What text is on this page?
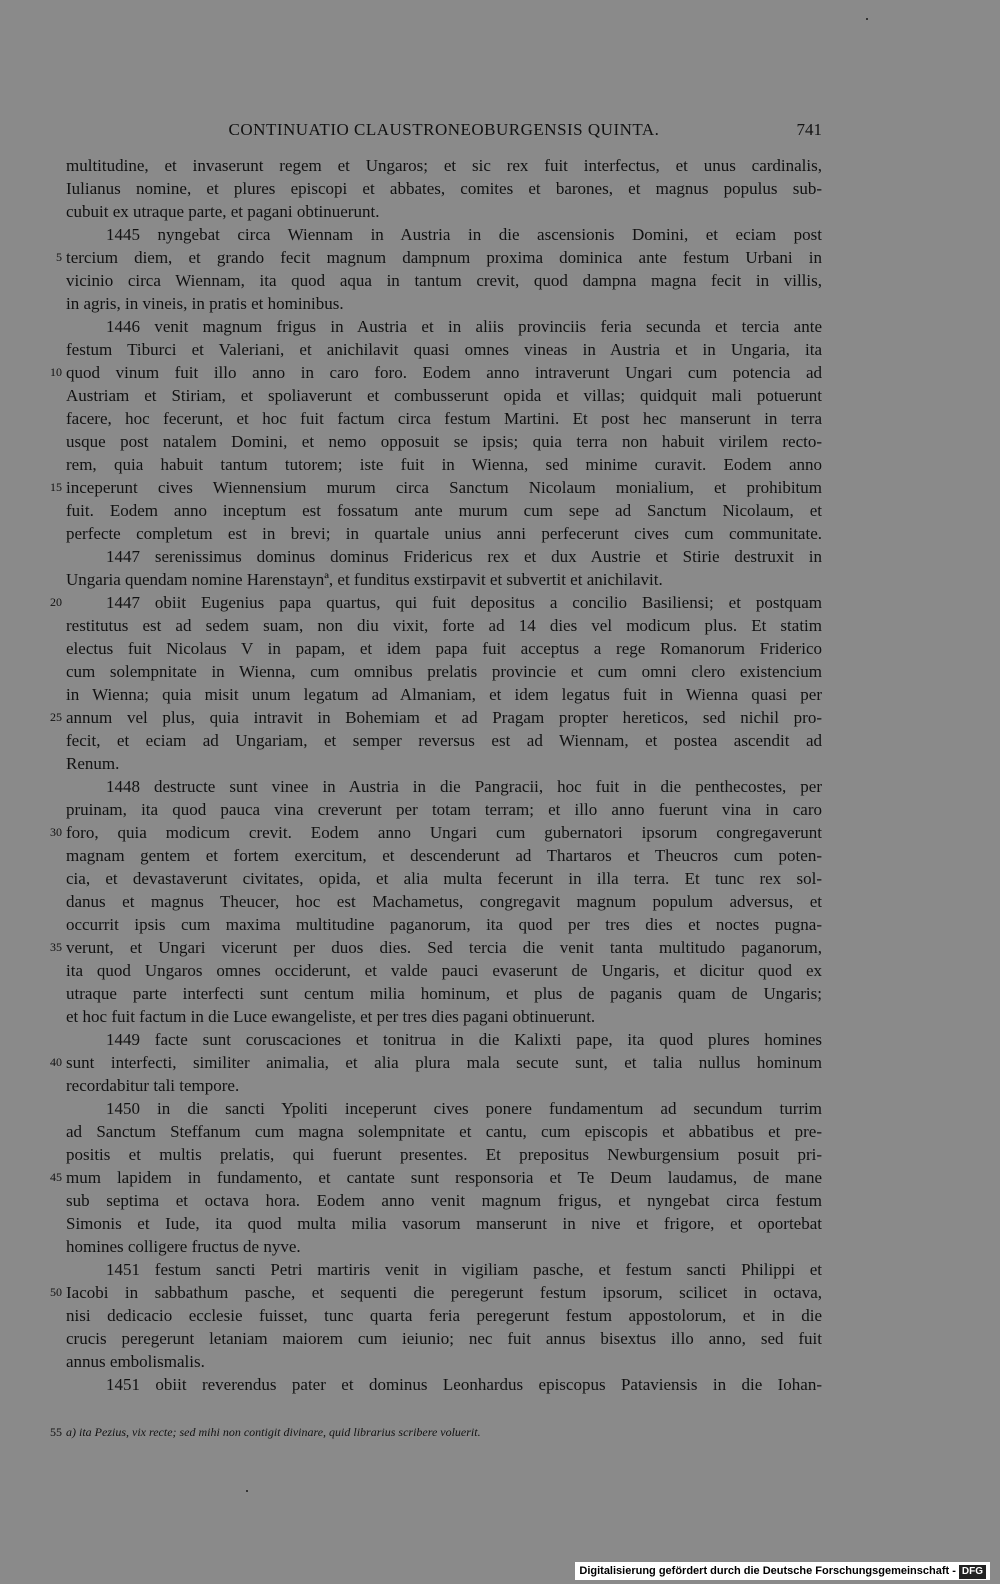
CONTINUATIO CLAUSTRONEOBURGENSIS QUINTA.	741
multitudine, et invaserunt regem et Ungaros; et sic rex fuit interfectus, et unus cardinalis,
Iulianus nomine, et plures episcopi et abbates, comites et barones, et magnus populus sub-
cubuit ex utraque parte, et pagani obtinuerunt.
1445 nyngebat circa Wiennam in Austria in die ascensionis Domini, et eciam post
5 tercium diem, et grando fecit magnum dampnum proxima dominica ante festum Urbani in
vicinio circa Wiennam, ita quod aqua in tantum crevit, quod dampna magna fecit in villis,
in agris, in vineis, in pratis et hominibus.
1446 venit magnum frigus in Austria et in aliis provinciis feria secunda et tercia ante
festum Tiburci et Valeriani, et anichilavit quasi omnes vineas in Austria et in Ungaria, ita
10 quod vinum fuit illo anno in caro foro. Eodem anno intraverunt Ungari cum potencia ad
Austriam et Stiriam, et spoliaverunt et combusserunt opida et villas; quidquit mali potuerunt
facere, hoc fecerunt, et hoc fuit factum circa festum Martini. Et post hec manserunt in terra
usque post natalem Domini, et nemo opposuit se ipsis; quia terra non habuit virilem recto-
rem, quia habuit tantum tutorem; iste fuit in Wienna, sed minime curavit. Eodem anno
15 inceperunt cives Wiennensium murum circa Sanctum Nicolaum monialium, et prohibitum
fuit. Eodem anno inceptum est fossatum ante murum cum sepe ad Sanctum Nicolaum, et
perfecte completum est in brevi; in quartale unius anni perfecerunt cives cum communitate.
1447 serenissimus dominus dominus Fridericus rex et dux Austrie et Stirie destruxit in
Ungaria quendam nomine Harenstaynª, et funditus exstirpavit et subvertit et anichilavit.
20	1447 obiit Eugenius papa quartus, qui fuit depositus a concilio Basiliensi; et postquam
restitutus est ad sedem suam, non diu vixit, forte ad 14 dies vel modicum plus. Et statim
electus fuit Nicolaus V in papam, et idem papa fuit acceptus a rege Romanorum Friderico
cum solempnitate in Wienna, cum omnibus prelatis provincie et cum omni clero existencium
in Wienna; quia misit unum legatum ad Almaniam, et idem legatus fuit in Wienna quasi per
25 annum vel plus, quia intravit in Bohemiam et ad Pragam propter hereticos, sed nichil pro-
fecit, et eciam ad Ungariam, et semper reversus est ad Wiennam, et postea ascendit ad
Renum.
1448 destructe sunt vinee in Austria in die Pangracii, hoc fuit in die penthecostes, per
pruinam, ita quod pauca vina creverunt per totam terram; et illo anno fuerunt vina in caro
30 foro, quia modicum crevit. Eodem anno Ungari cum gubernatori ipsorum congregaverunt
magnam gentem et fortem exercitum, et descenderunt ad Thartaros et Theucros cum poten-
cia, et devastaverunt civitates, opida, et alia multa fecerunt in illa terra. Et tunc rex sol-
danus et magnus Theucer, hoc est Machametus, congregavit magnum populum adversus, et
occurrit ipsis cum maxima multitudine paganorum, ita quod per tres dies et noctes pugna-
35 verunt, et Ungari vicerunt per duos dies. Sed tercia die venit tanta multitudo paganorum,
ita quod Ungaros omnes occiderunt, et valde pauci evaserunt de Ungaris, et dicitur quod ex
utraque parte interfecti sunt centum milia hominum, et plus de paganis quam de Ungaris;
et hoc fuit factum in die Luce ewangeliste, et per tres dies pagani obtinuerunt.
1449 facte sunt coruscaciones et tonitrua in die Kalixti pape, ita quod plures homines
40 sunt interfecti, similiter animalia, et alia plura mala secute sunt, et talia nullus hominum
recordabitur tali tempore.
1450 in die sancti Ypoliti inceperunt cives ponere fundamentum ad secundum turrim
ad Sanctum Steffanum cum magna solempnitate et cantu, cum episcopis et abbatibus et pre-
positis et multis prelatis, qui fuerunt presentes. Et prepositus Newburgensium posuit pri-
45 mum lapidem in fundamento, et cantate sunt responsoria et Te Deum laudamus, de mane
sub septima et octava hora. Eodem anno venit magnum frigus, et nyngebat circa festum
Simonis et Iude, ita quod multa milia vasorum manserunt in nive et frigore, et oportebat
homines colligere fructus de nyve.
1451 festum sancti Petri martiris venit in vigiliam pasche, et festum sancti Philippi et
50 Iacobi in sabbathum pasche, et sequenti die peregerunt festum ipsorum, scilicet in octava,
nisi dedicacio ecclesie fuisset, tunc quarta feria peregerunt festum appostolorum, et in die
crucis peregerunt letaniam maiorem cum ieiunio; nec fuit annus bisextus illo anno, sed fuit
annus embolismalis.
1451 obiit reverendus pater et dominus Leonhardus episcopus Pataviensis in die Iohan-
55 a) ita Pezius, vix recte; sed mihi non contigit divinare, quid librarius scribere voluerit.
Digitalisierung gefördert durch die Deutsche Forschungsgemeinschaft - DFG
